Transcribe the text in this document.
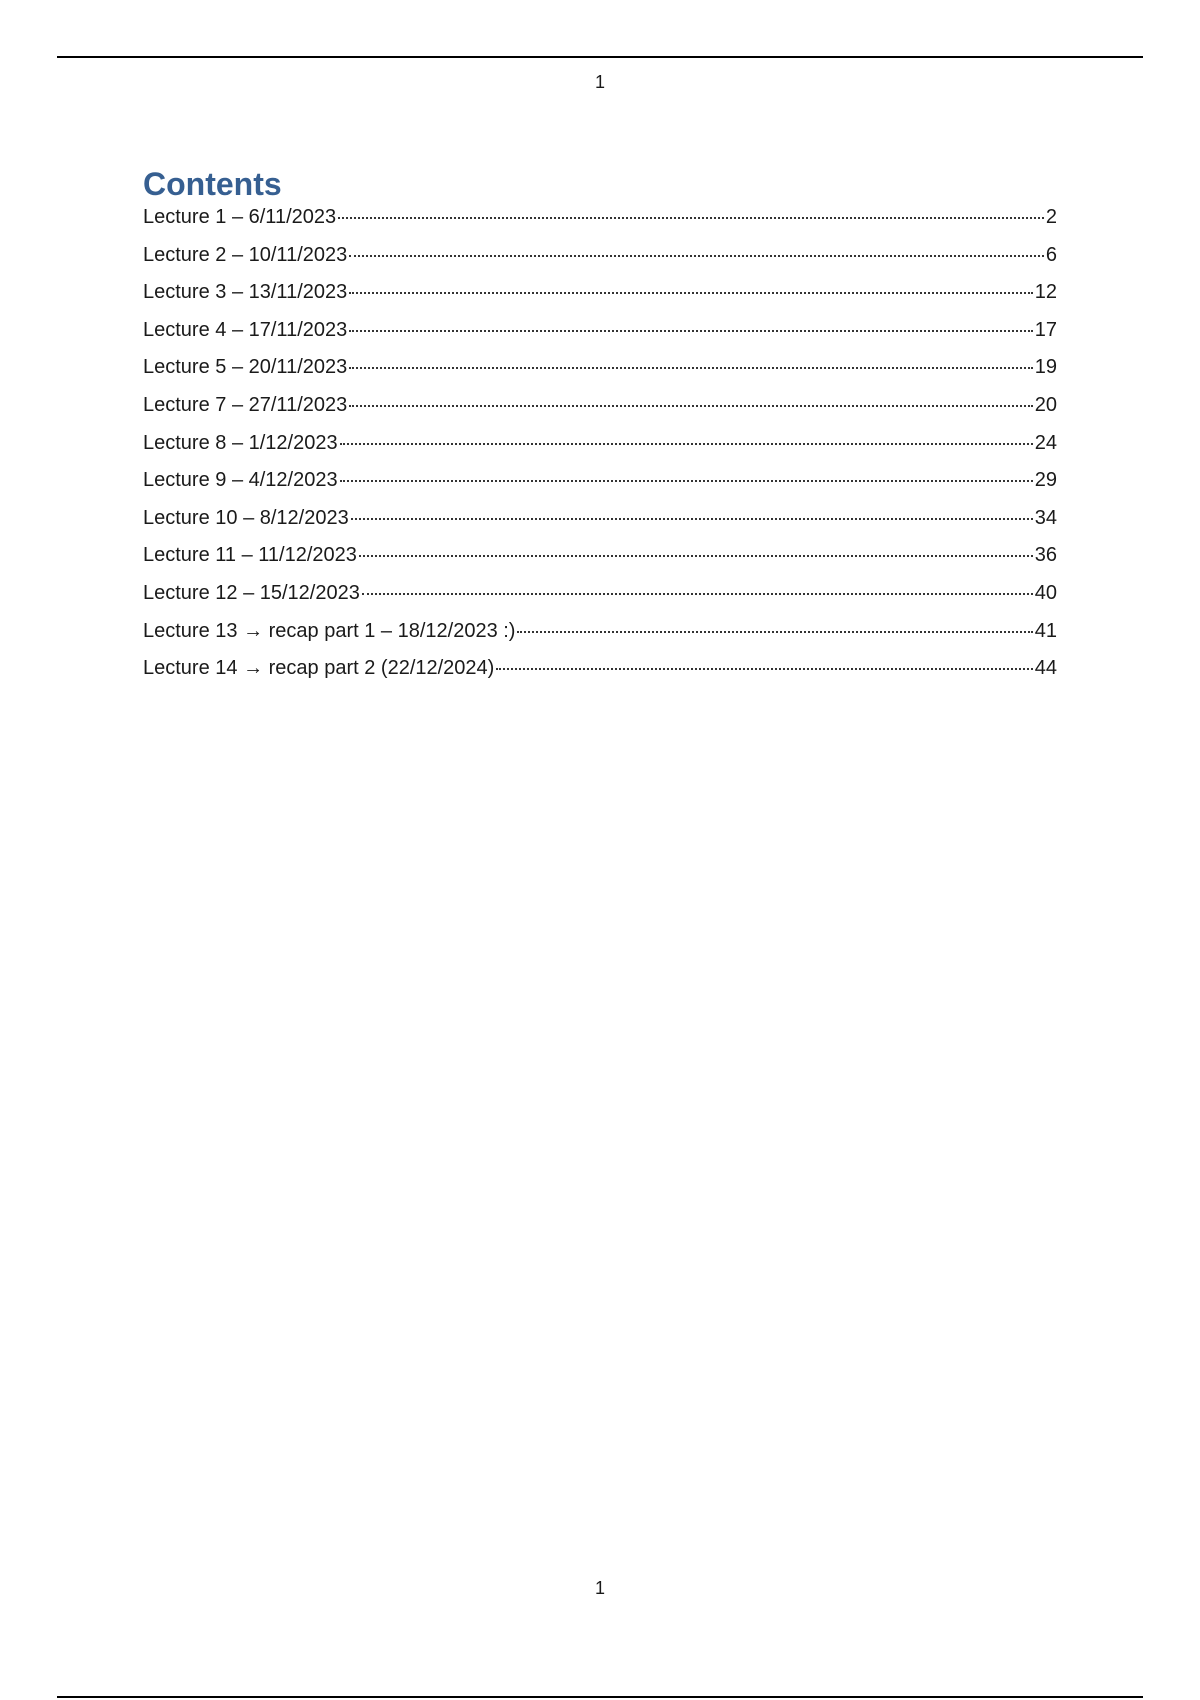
1
Contents
Lecture 1 – 6/11/2023	2
Lecture 2 – 10/11/2023	6
Lecture 3 – 13/11/2023	12
Lecture 4 – 17/11/2023	17
Lecture 5 – 20/11/2023	19
Lecture 7 – 27/11/2023	20
Lecture 8 – 1/12/2023	24
Lecture 9 – 4/12/2023	29
Lecture 10 – 8/12/2023	34
Lecture 11 – 11/12/2023	36
Lecture 12 – 15/12/2023	40
Lecture 13 → recap part 1 – 18/12/2023 :)	41
Lecture 14 → recap part 2 (22/12/2024)	44
1
